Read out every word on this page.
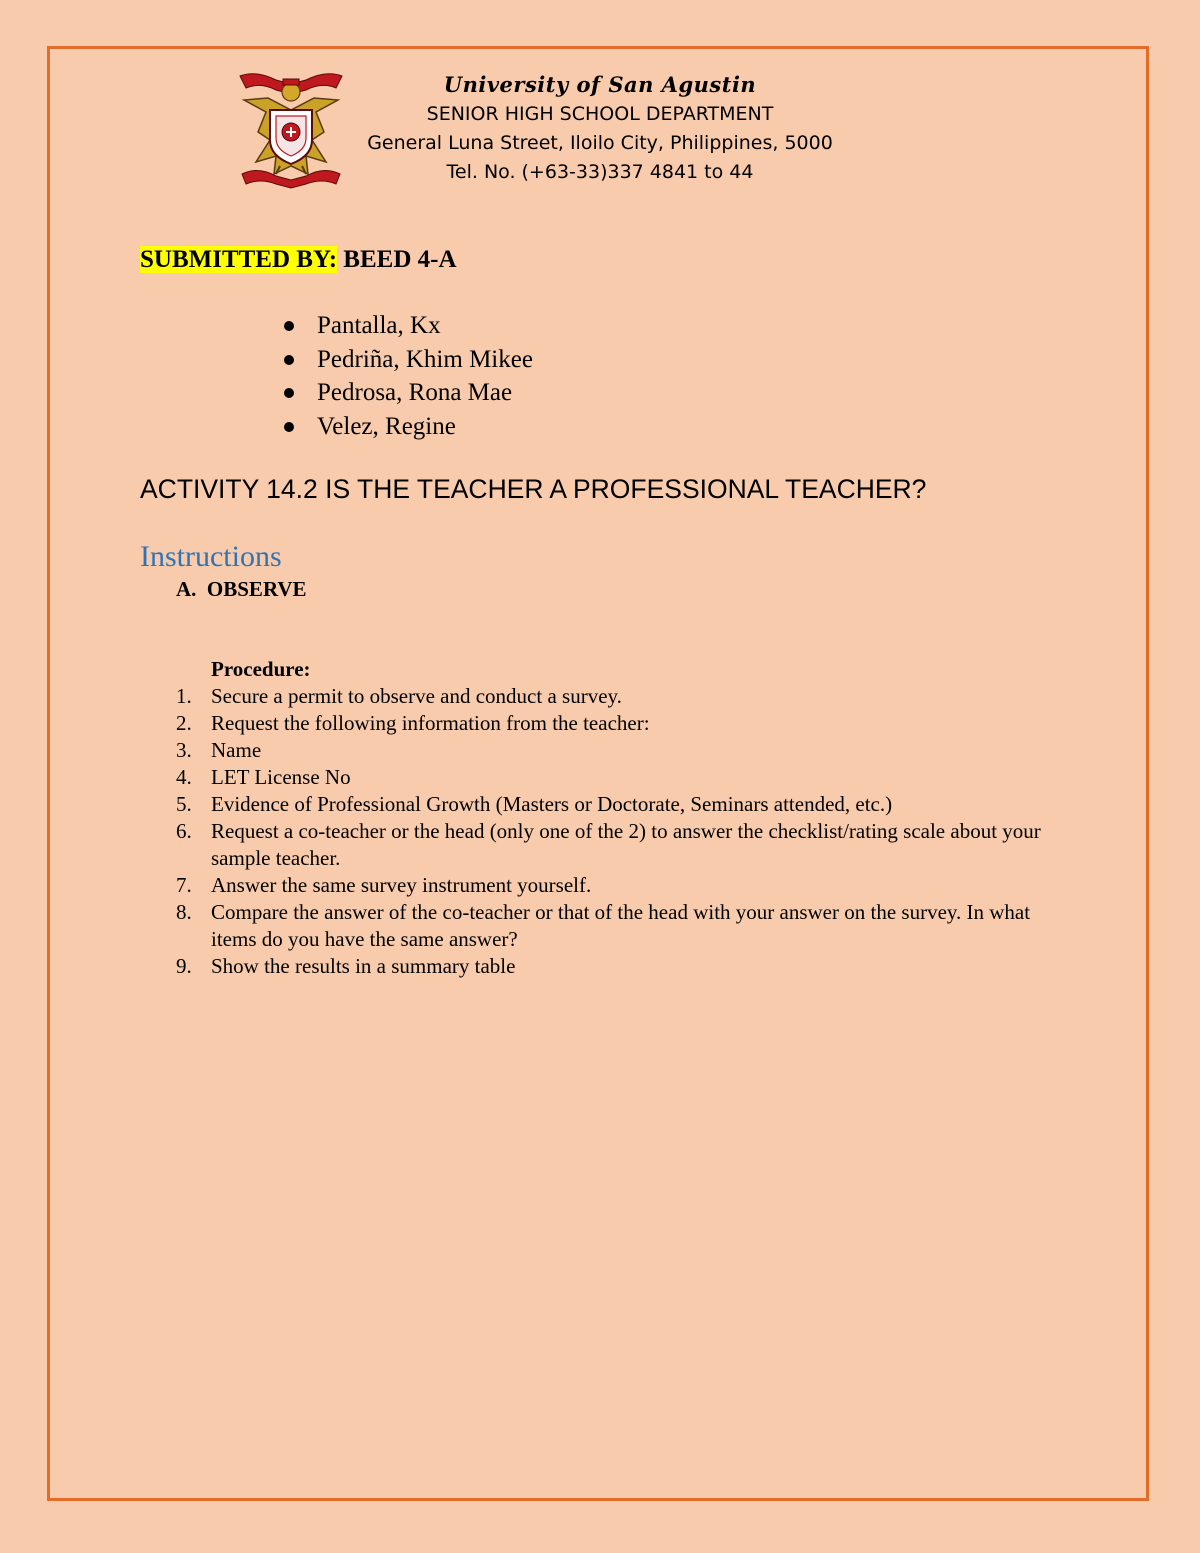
University of San Agustin
SENIOR HIGH SCHOOL DEPARTMENT
General Luna Street, Iloilo City, Philippines, 5000
Tel. No. (+63-33)337 4841 to 44
SUBMITTED BY: BEED 4-A
Pantalla, Kx
Pedriña, Khim Mikee
Pedrosa, Rona Mae
Velez, Regine
ACTIVITY 14.2 IS THE TEACHER A PROFESSIONAL TEACHER?
Instructions
A.  OBSERVE
Procedure:
1. Secure a permit to observe and conduct a survey.
2. Request the following information from the teacher:
3. Name
4. LET License No
5. Evidence of Professional Growth (Masters or Doctorate, Seminars attended, etc.)
6. Request a co-teacher or the head (only one of the 2) to answer the checklist/rating scale about your sample teacher.
7. Answer the same survey instrument yourself.
8. Compare the answer of the co-teacher or that of the head with your answer on the survey. In what items do you have the same answer?
9. Show the results in a summary table
